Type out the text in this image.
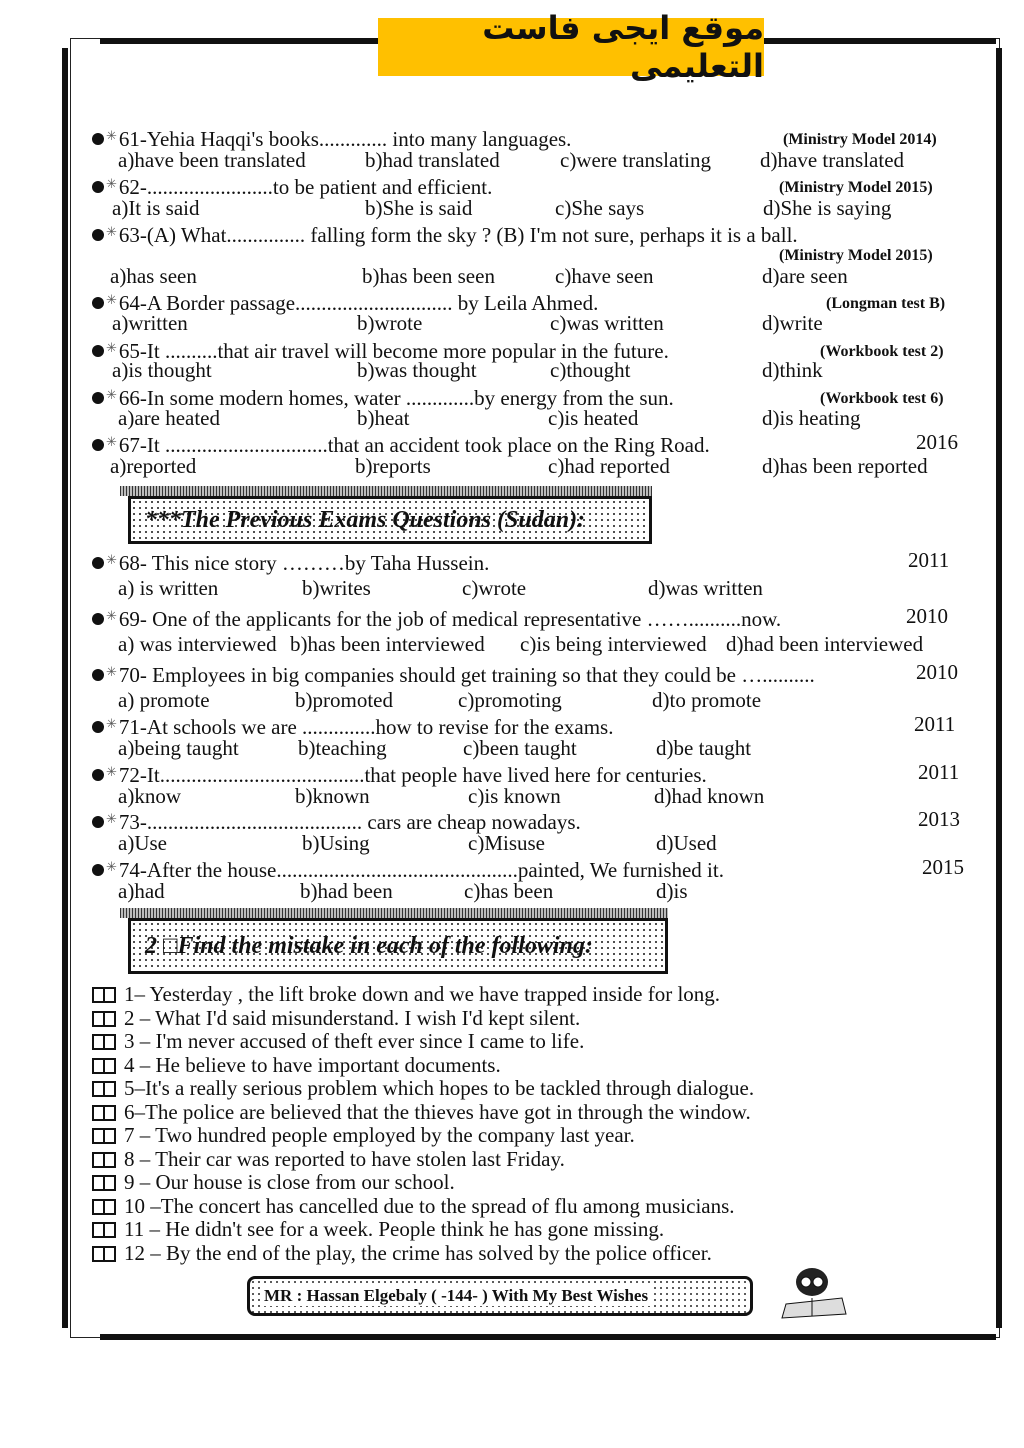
موقع ايجى فاست التعليمى
✳61-Yehia Haqqi's books............. into many languages.	(Ministry Model 2014)
a)have been translated	b)had translated	c)were translating d)have translated
✳62-........................to be patient and efficient.	(Ministry Model 2015)
a)It is said	b)She is said	c)She says	d)She is saying
✳63-(A) What............... falling form the sky ? (B) I'm not sure, perhaps it is a ball.
(Ministry Model 2015)
a)has seen	b)has been seen	c)have seen	d)are seen
✳64-A Border passage.............................. by Leila Ahmed.	(Longman test B)
a)written	b)wrote	c)was written	d)write
✳65-It ..........that air travel will become more popular in the future.	(Workbook test 2)
a)is thought	b)was thought	c)thought	d)think
✳66-In some modern homes, water .............by energy from the sun.	(Workbook test 6)
a)are heated	b)heat	c)is heated	d)is heating
✳67-It ...............................that an accident took place on the Ring Road.	2016
a)reported	b)reports	c)had reported	d)has been reported
***The Previous Exams Questions (Sudan):
✳68- This nice story ………by Taha Hussein.	2011
a) is written	b)writes	c)wrote	d)was written
✳69- One of the applicants for the job of medical representative ……..........now.	2010
a) was interviewed b)has been interviewed c)is being interviewed d)had been interviewed
✳70- Employees in big companies should get training so that they could be …..........	2010
a) promote	b)promoted	c)promoting	d)to promote
✳71-At schools we are ..............how to revise for the exams.	2011
a)being taught	b)teaching	c)been taught	d)be taught
✳72-It.......................................that people have lived here for centuries.	2011
a)know	b)known	c)is known	d)had known
✳73-......................................... cars are cheap nowadays.	2013
a)Use	b)Using	c)Misuse	d)Used
✳74-After the house..............................................painted, We furnished it.	2015
a)had	b)had been	c)has been	d)is
2 □Find the mistake in each of the following:
1– Yesterday , the lift broke down and we have trapped inside for long.
2 – What I'd said misunderstand. I wish I'd kept silent.
3 – I'm never accused of theft ever since I came to life.
4 – He believe to have important documents.
5–It's a really serious problem which hopes to be tackled through dialogue.
6–The police are believed that the thieves have got in through the window.
7 – Two hundred people employed by the company last year.
8 – Their car was reported to have stolen last Friday.
9 – Our house is close from our school.
10 –The concert has cancelled due to the spread of flu among musicians.
11 – He didn't see for a week. People think he has gone missing.
12 – By the end of the play, the crime has solved by the police officer.
MR : Hassan Elgebaly ( -144- ) With My Best Wishes
